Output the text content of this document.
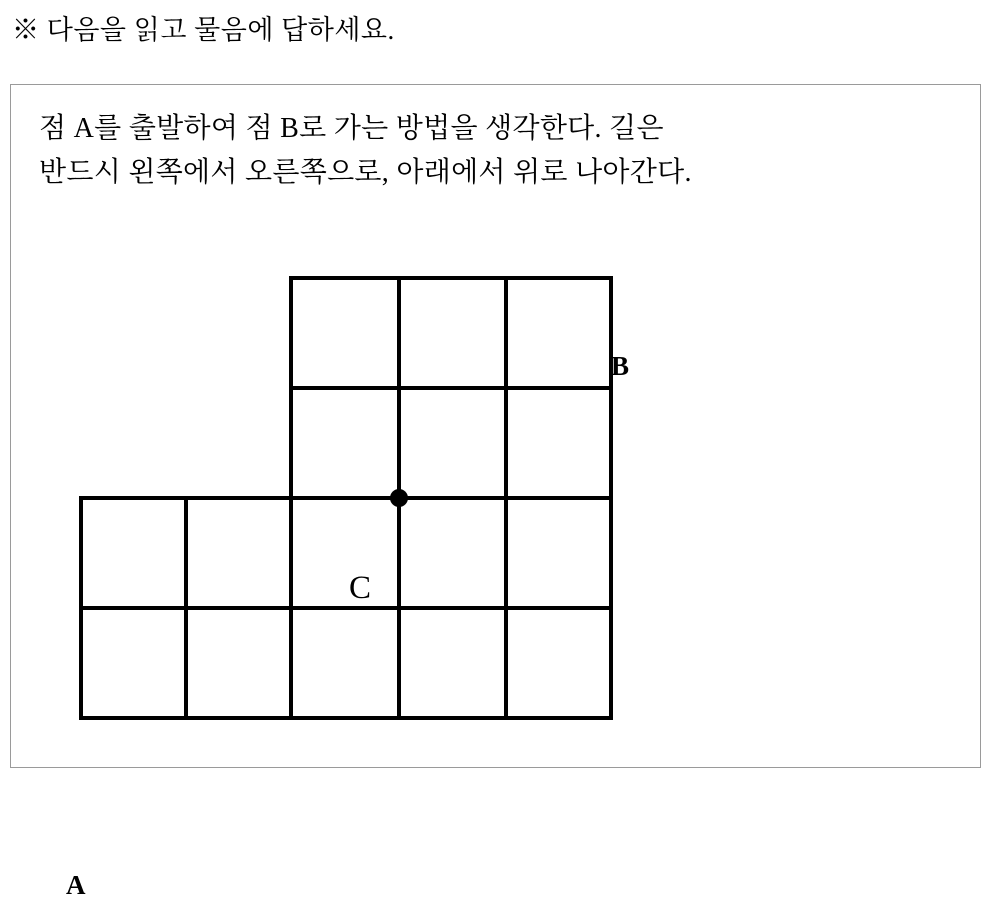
※ 다음을 읽고 물음에 답하세요.
점 A를 출발하여 점 B로 가는 방법을 생각한다. 길은
반드시 왼쪽에서 오른쪽으로, 아래에서 위로 나아간다.
A
B
C
